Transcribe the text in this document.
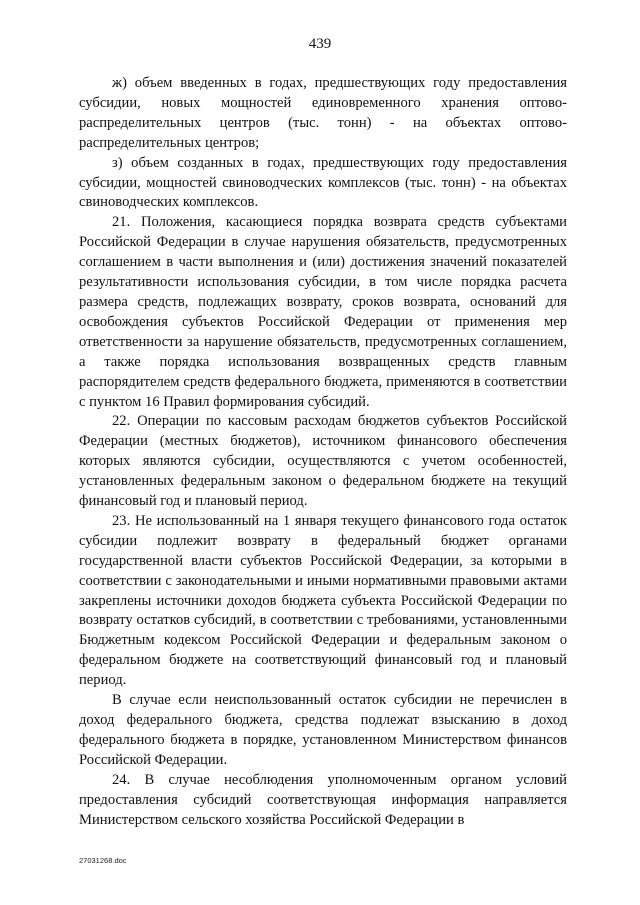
439

ж) объем введенных в годах, предшествующих году предоставления субсидии, новых мощностей единовременного хранения оптово-распределительных центров (тыс. тонн) - на объектах оптово-распределительных центров;

з) объем созданных в годах, предшествующих году предоставления субсидии, мощностей свиноводческих комплексов (тыс. тонн) - на объектах свиноводческих комплексов.

21. Положения, касающиеся порядка возврата средств субъектами Российской Федерации в случае нарушения обязательств, предусмотренных соглашением в части выполнения и (или) достижения значений показателей результативности использования субсидии, в том числе порядка расчета размера средств, подлежащих возврату, сроков возврата, оснований для освобождения субъектов Российской Федерации от применения мер ответственности за нарушение обязательств, предусмотренных соглашением, а также порядка использования возвращенных средств главным распорядителем средств федерального бюджета, применяются в соответствии с пунктом 16 Правил формирования субсидий.

22. Операции по кассовым расходам бюджетов субъектов Российской Федерации (местных бюджетов), источником финансового обеспечения которых являются субсидии, осуществляются с учетом особенностей, установленных федеральным законом о федеральном бюджете на текущий финансовый год и плановый период.

23. Не использованный на 1 января текущего финансового года остаток субсидии подлежит возврату в федеральный бюджет органами государственной власти субъектов Российской Федерации, за которыми в соответствии с законодательными и иными нормативными правовыми актами закреплены источники доходов бюджета субъекта Российской Федерации по возврату остатков субсидий, в соответствии с требованиями, установленными Бюджетным кодексом Российской Федерации и федеральным законом о федеральном бюджете на соответствующий финансовый год и плановый период.

В случае если неиспользованный остаток субсидии не перечислен в доход федерального бюджета, средства подлежат взысканию в доход федерального бюджета в порядке, установленном Министерством финансов Российской Федерации.

24. В случае несоблюдения уполномоченным органом условий предоставления субсидий соответствующая информация направляется Министерством сельского хозяйства Российской Федерации в

27031268.doc
